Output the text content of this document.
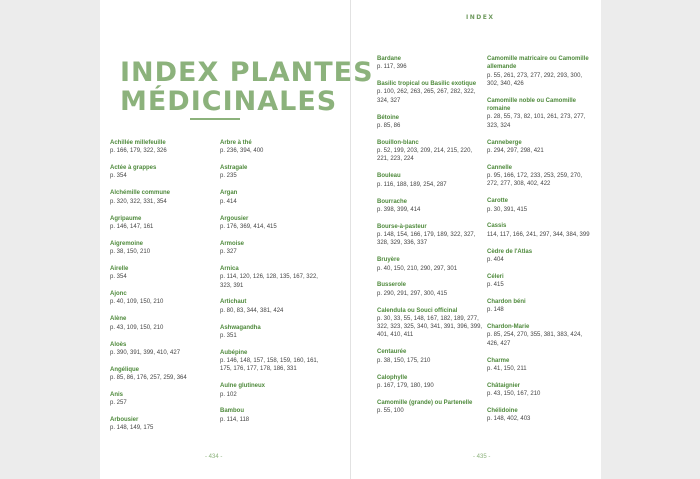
INDEX
INDEX PLANTES
MÉDICINALES
Achillée millefeuille
p. 166, 179, 322, 326
Actée à grappes
p. 354
Alchémille commune
p. 320, 322, 331, 354
Agripaume
p. 146, 147, 161
Aigremoine
p. 38, 150, 210
Airelle
p. 354
Ajonc
p. 40, 109, 150, 210
Alène
p. 43, 109, 150, 210
Aloès
p. 390, 391, 399, 410, 427
Angélique
p. 85, 86, 176, 257, 259, 364
Anis
p. 257
Arbousier
p. 148, 149, 175
Arbre à thé
p. 236, 394, 400
Astragale
p. 235
Argan
p. 414
Argousier
p. 176, 369, 414, 415
Armoise
p. 327
Arnica
p. 114, 120, 126, 128, 135, 167, 322, 323, 391
Artichaut
p. 80, 83, 344, 381, 424
Ashwagandha
p. 351
Aubépine
p. 146, 148, 157, 158, 159, 160, 161, 175, 176, 177, 178, 186, 331
Aulne glutineux
p. 102
Bambou
p. 114, 118
Bardane
p. 117, 396
Basilic tropical ou Basilic exotique
p. 100, 262, 263, 265, 267, 282, 322, 324, 327
Bétoine
p. 85, 86
Bouillon-blanc
p. 52, 199, 203, 209, 214, 215, 220, 221, 223, 224
Bouleau
p. 116, 188, 189, 254, 287
Bourrache
p. 398, 399, 414
Bourse-à-pasteur
p. 148, 154, 166, 179, 189, 322, 327, 328, 329, 336, 337
Bruyère
p. 40, 150, 210, 290, 297, 301
Busserole
p. 290, 291, 297, 300, 415
Calendula ou Souci officinal
p. 30, 33, 55, 148, 167, 182, 189, 277, 322, 323, 325, 340, 341, 391, 396, 399, 401, 410, 411
Centaurée
p. 38, 150, 175, 210
Calophylle
p. 167, 179, 180, 190
Camomille (grande) ou Partenelle
p. 55, 100
Camomille matricaire ou Camomille allemande
p. 55, 261, 273, 277, 292, 293, 300, 302, 340, 426
Camomille noble ou Camomille romaine
p. 28, 55, 73, 82, 101, 261, 273, 277, 323, 324
Canneberge
p. 294, 297, 298, 421
Cannelle
p. 95, 166, 172, 233, 253, 259, 270, 272, 277, 308, 402, 422
Carotte
p. 30, 391, 415
Cassis
114, 117, 166, 241, 297, 344, 384, 399
Cèdre de l'Atlas
p. 404
Céleri
p. 415
Chardon béni
p. 148
Chardon-Marie
p. 85, 254, 270, 355, 381, 383, 424, 426, 427
Charme
p. 41, 150, 211
Châtaignier
p. 43, 150, 167, 210
Chélidoine
p. 148, 402, 403
- 434 -	- 435 -
